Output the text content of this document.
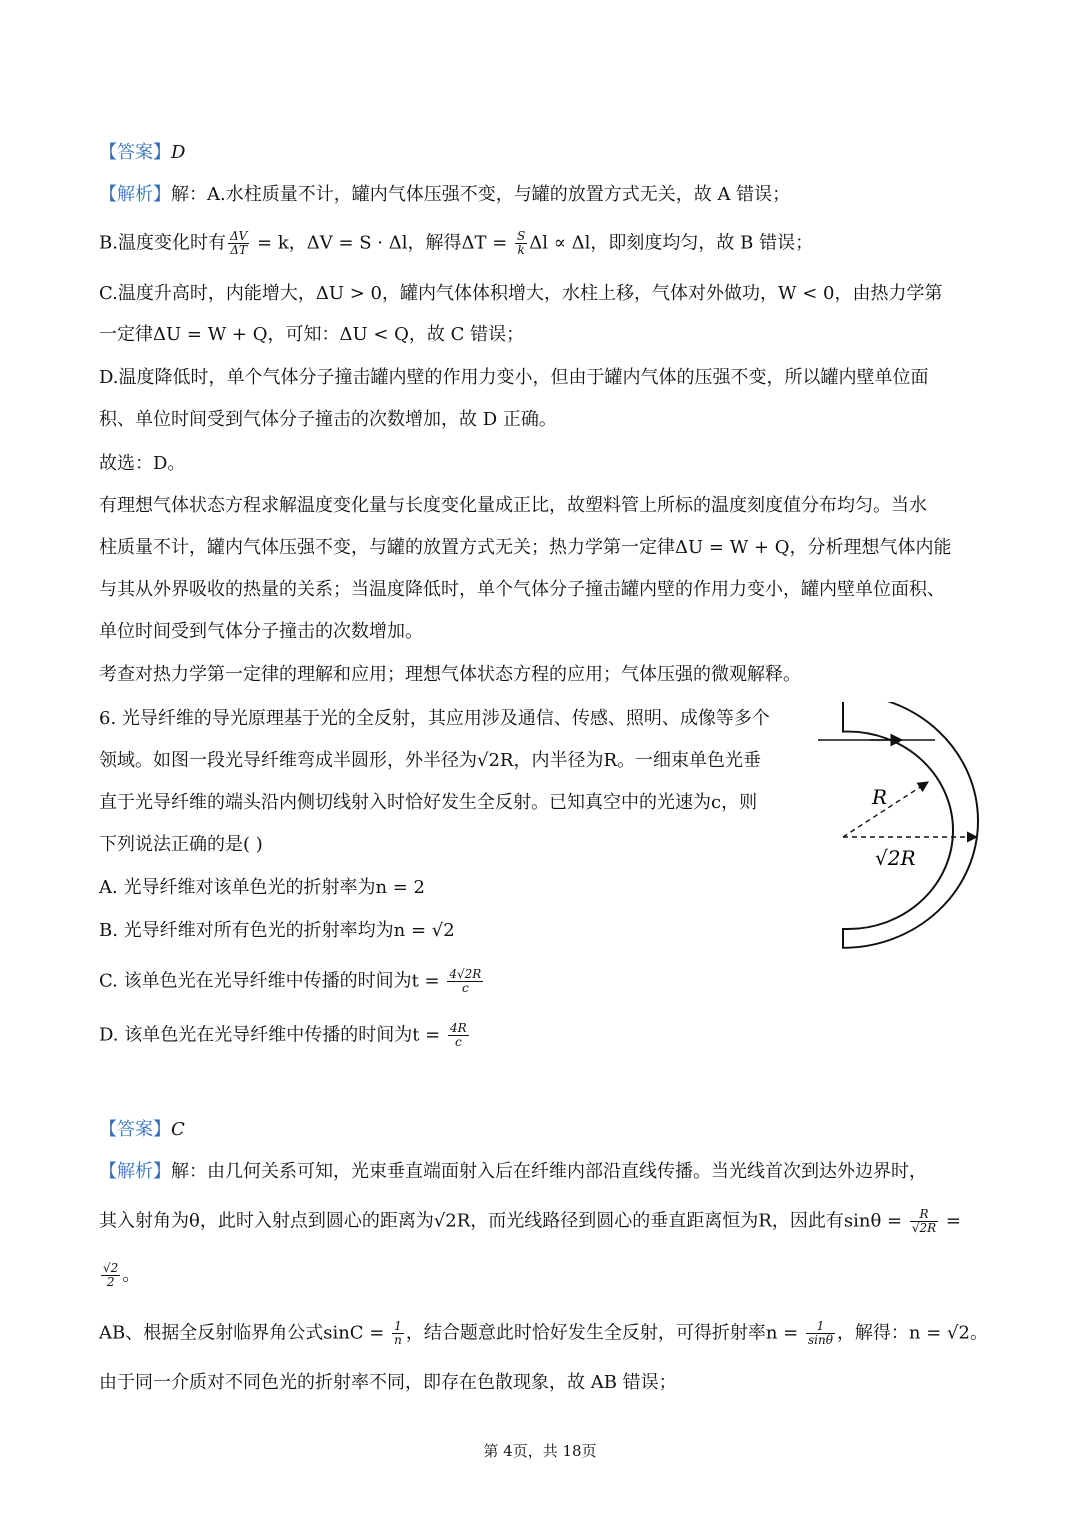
【答案】D
【解析】解：A.水柱质量不计，罐内气体压强不变，与罐的放置方式无关，故 A 错误；
B.温度变化时有 $\frac{\Delta V}{\Delta T} = k$，ΔV = S · Δl，解得$\Delta T = \frac{S}{k}$ Δl ∝ Δl，即刻度均匀，故 B 错误；
C.温度升高时，内能增大，ΔU > 0，罐内气体体积增大，水柱上移，气体对外做功，W < 0，由热力学第
一定律ΔU = W + Q，可知：ΔU < Q，故 C 错误；
D.温度降低时，单个气体分子撞击罐内壁的作用力变小，但由于罐内气体的压强不变，所以罐内壁单位面
积、单位时间受到气体分子撞击的次数增加，故 D 正确。
故选：D。
有理想气体状态方程求解温度变化量与长度变化量成正比，故塑料管上所标的温度刻度值分布均匀。当水
柱质量不计，罐内气体压强不变，与罐的放置方式无关；热力学第一定律ΔU = W + Q，分析理想气体内能
与其从外界吸收的热量的关系；当温度降低时，单个气体分子撞击罐内壁的作用力变小，罐内壁单位面积、
单位时间受到气体分子撞击的次数增加。
考查对热力学第一定律的理解和应用；理想气体状态方程的应用；气体压强的微观解释。
6. 光导纤维的导光原理基于光的全反射，其应用涉及通信、传感、照明、成像等多个
领域。如图一段光导纤维弯成半圆形，外半径为√2R，内半径为R。一细束单色光垂
直于光导纤维的端头沿内侧切线射入时恰好发生全反射。已知真空中的光速为c，则
下列说法正确的是( )
A. 光导纤维对该单色光的折射率为n = 2
B. 光导纤维对所有色光的折射率均为n = √2
C. 该单色光在光导纤维中传播的时间为$t = \frac{4√2R}{c}$
D. 该单色光在光导纤维中传播的时间为$t = \frac{4R}{c}$
R
√2R
【答案】C
【解析】解：由几何关系可知，光束垂直端面射入后在纤维内部沿直线传播。当光线首次到达外边界时，
其入射角为θ，此时入射点到圆心的距离为√2R，而光线路径到圆心的垂直距离恒为R，因此有$\sin\theta = \frac{R}{√2R}$ =
$\frac{√2}{2}$ 。
AB、根据全反射临界角公式$\sin C = \frac{1}{n}$ ，结合题意此时恰好发生全反射，可得折射率$n = \frac{1}{\sin\theta}$ ，解得：n = √2。
由于同一介质对不同色光的折射率不同，即存在色散现象，故 AB 错误；
第 4页，共 18页
